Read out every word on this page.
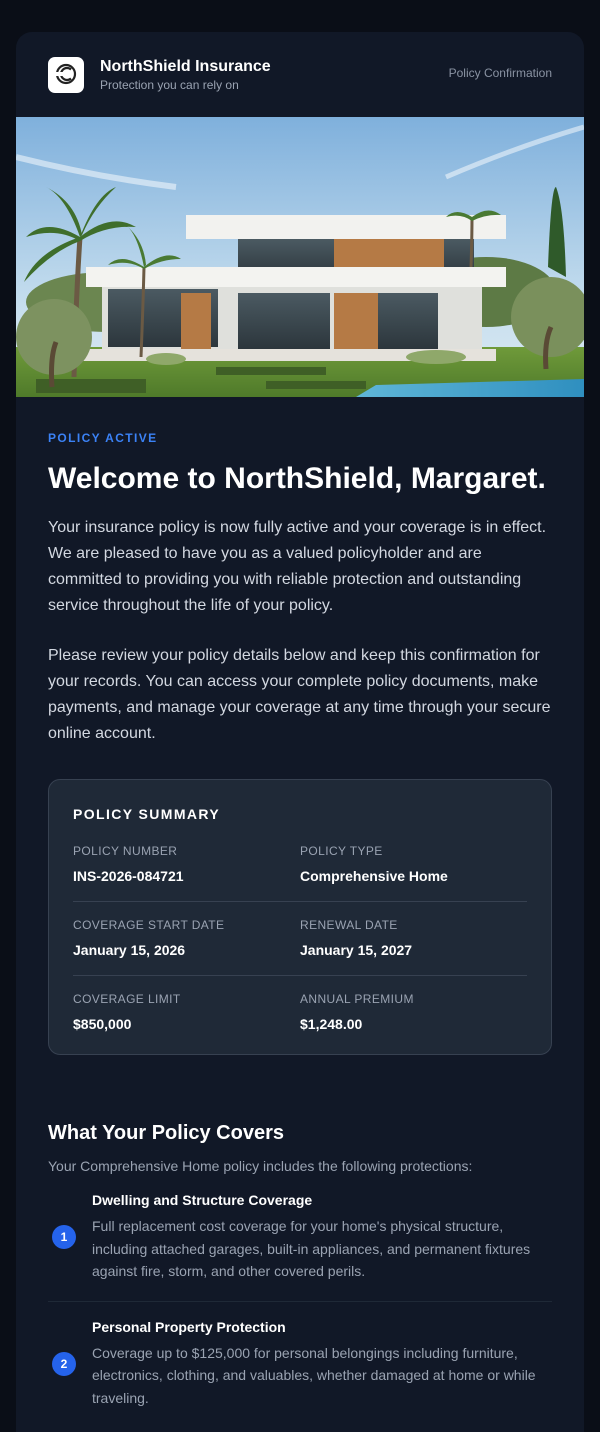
NorthShield Insurance
Protection you can rely on
Policy Confirmation
POLICY ACTIVE
Welcome to NorthShield, Margaret.

Your insurance policy is now fully active and your coverage is in effect. We are pleased to have you as a valued policyholder and are committed to providing you with reliable protection and outstanding service throughout the life of your policy.

Please review your policy details below and keep this confirmation for your records. You can access your complete policy documents, make payments, and manage your coverage at any time through your secure online account.

POLICY SUMMARY
POLICY NUMBER
INS-2026-084721
POLICY TYPE
Comprehensive Home
COVERAGE START DATE
January 15, 2026
RENEWAL DATE
January 15, 2027
COVERAGE LIMIT
$850,000
ANNUAL PREMIUM
$1,248.00
What Your Policy Covers
Your Comprehensive Home policy includes the following protections:
1
Dwelling and Structure Coverage
Full replacement cost coverage for your home's physical structure, including attached garages, built-in appliances, and permanent fixtures against fire, storm, and other covered perils.
2
Personal Property Protection
Coverage up to $125,000 for personal belongings including furniture, electronics, clothing, and valuables, whether damaged at home or while traveling.
